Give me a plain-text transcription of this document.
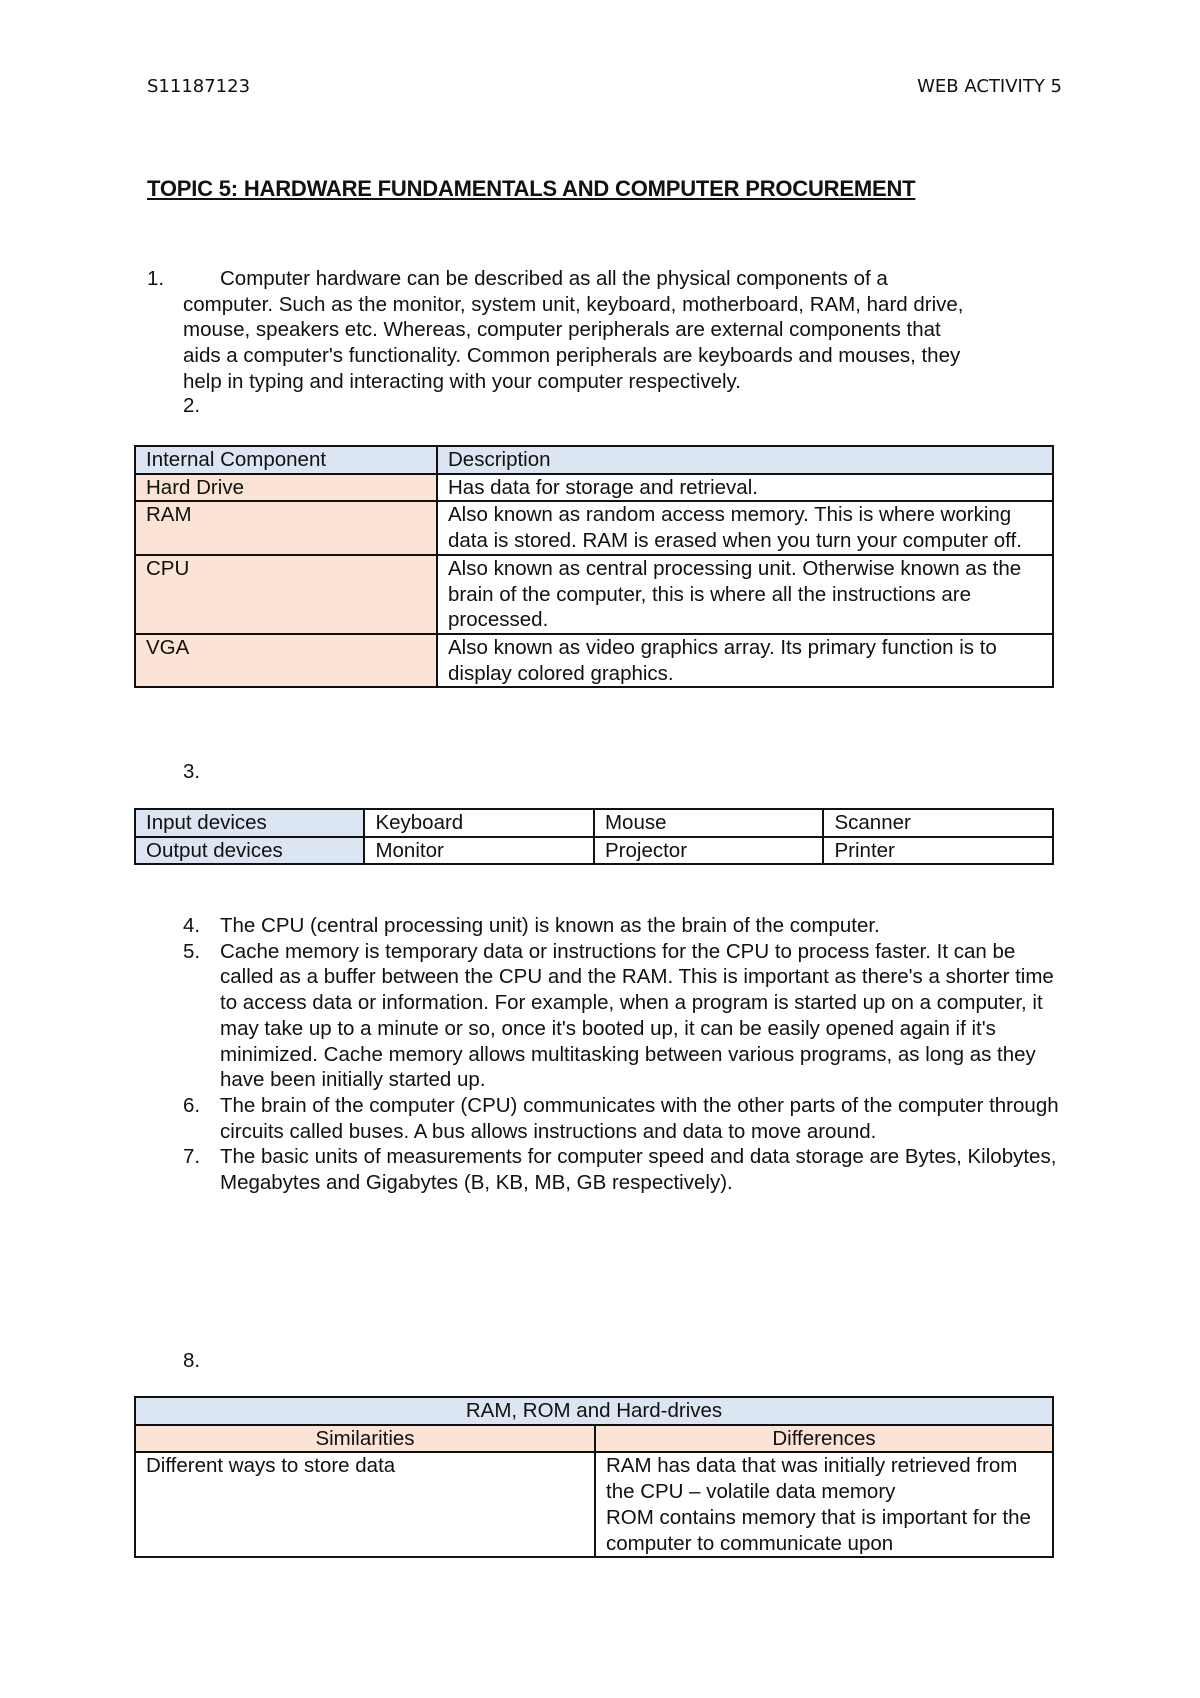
S11187123	WEB ACTIVITY 5
TOPIC 5: HARDWARE FUNDAMENTALS AND COMPUTER PROCUREMENT
1.	Computer hardware can be described as all the physical components of a
computer. Such as the monitor, system unit, keyboard, motherboard, RAM, hard drive,
mouse, speakers etc. Whereas, computer peripherals are external components that
aids a computer's functionality. Common peripherals are keyboards and mouses, they
help in typing and interacting with your computer respectively.
2.
Internal Component	Description
Hard Drive	Has data for storage and retrieval.
RAM	Also known as random access memory. This is where working data is stored. RAM is erased when you turn your computer off.
CPU	Also known as central processing unit. Otherwise known as the brain of the computer, this is where all the instructions are processed.
VGA	Also known as video graphics array. Its primary function is to display colored graphics.
3.
Input devices	Keyboard	Mouse	Scanner
Output devices	Monitor	Projector	Printer
4. The CPU (central processing unit) is known as the brain of the computer.
5. Cache memory is temporary data or instructions for the CPU to process faster. It can be called as a buffer between the CPU and the RAM. This is important as there's a shorter time to access data or information. For example, when a program is started up on a computer, it may take up to a minute or so, once it's booted up, it can be easily opened again if it's minimized. Cache memory allows multitasking between various programs, as long as they have been initially started up.
6. The brain of the computer (CPU) communicates with the other parts of the computer through circuits called buses. A bus allows instructions and data to move around.
7. The basic units of measurements for computer speed and data storage are Bytes, Kilobytes, Megabytes and Gigabytes (B, KB, MB, GB respectively).
8.
RAM, ROM and Hard-drives	
Similarities	Differences
Different ways to store data	RAM has data that was initially retrieved from the CPU – volatile data memory
ROM contains memory that is important for the computer to communicate upon
